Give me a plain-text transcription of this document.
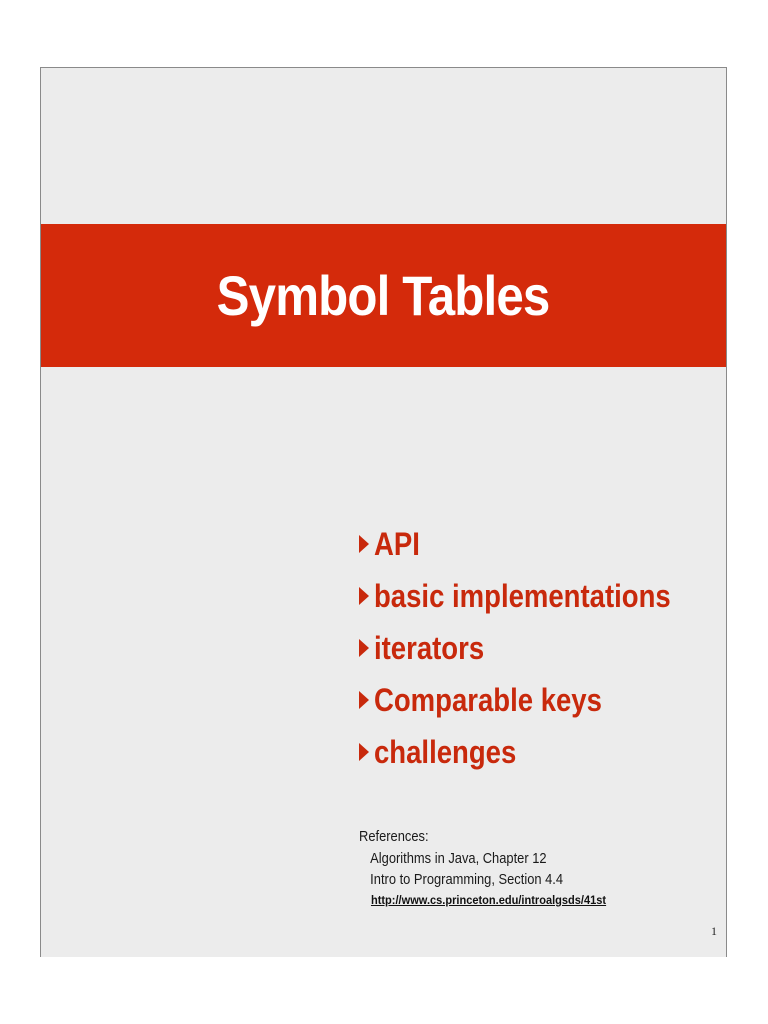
Symbol Tables
API
basic implementations
iterators
Comparable keys
challenges
References:
Algorithms in Java, Chapter 12
Intro to Programming, Section 4.4
http://www.cs.princeton.edu/introalgsds/41st
1
